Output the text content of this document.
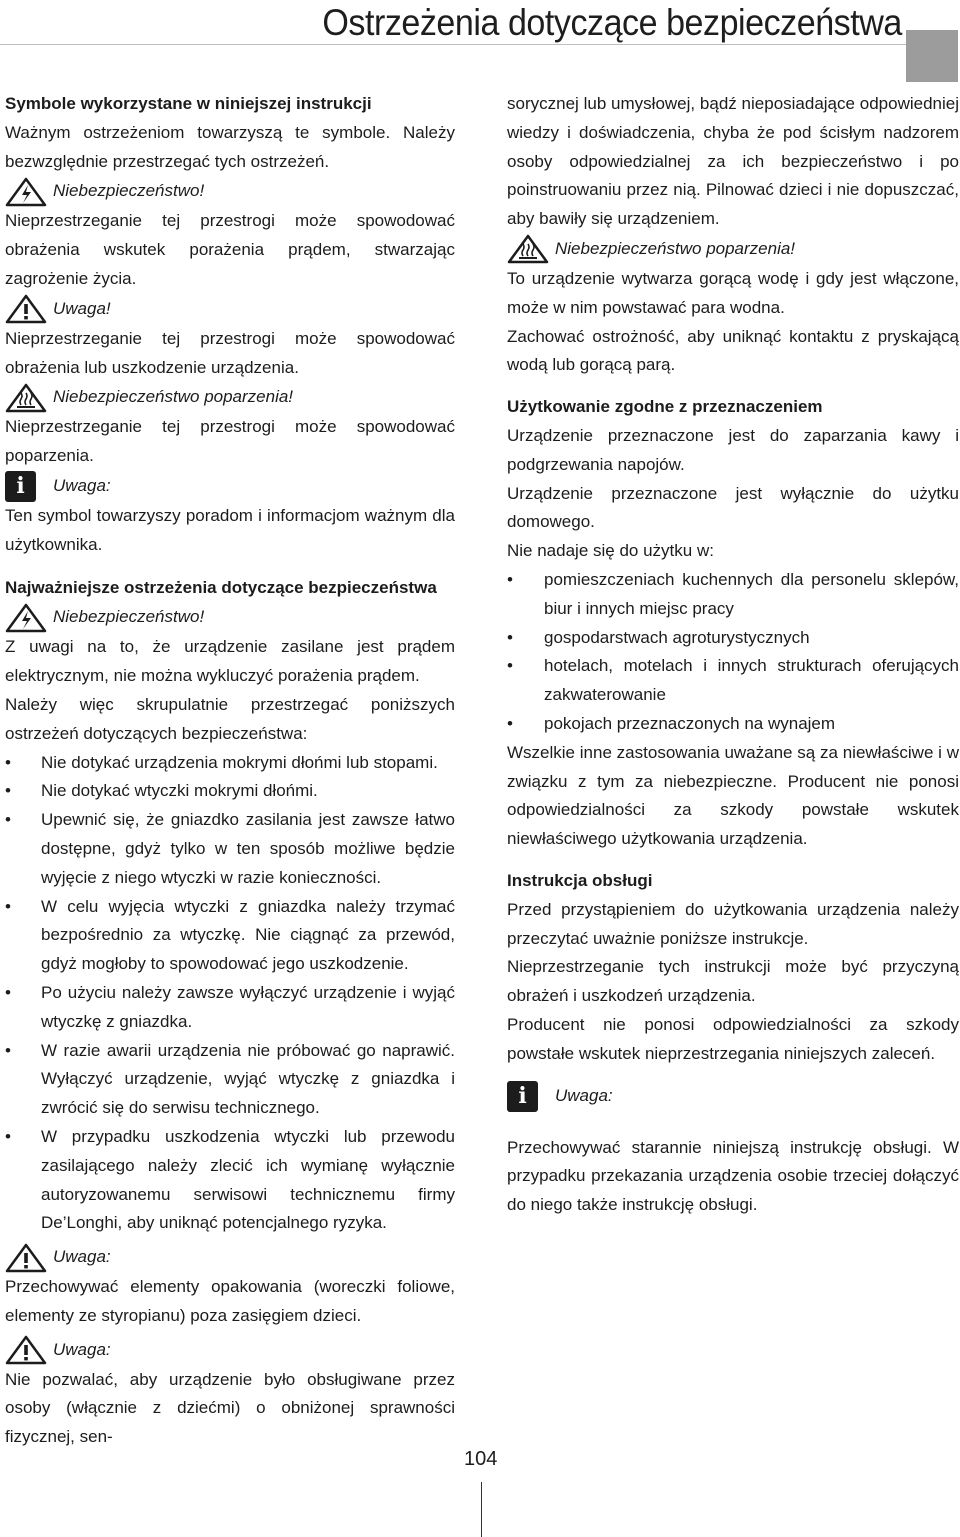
Ostrzeżenia dotyczące bezpieczeństwa

Symbole wykorzystane w niniejszej instrukcji

Ważnym ostrzeżeniom towarzyszą te symbole. Należy bezwzględnie przestrzegać tych ostrzeżeń.

Niebezpieczeństwo!

Nieprzestrzeganie tej przestrogi może spowodować obrażenia wskutek porażenia prądem, stwarzając zagrożenie życia.

Uwaga!

Nieprzestrzeganie tej przestrogi może spowodować obrażenia lub uszkodzenie urządzenia.

Niebezpieczeństwo poparzenia!

Nieprzestrzeganie tej przestrogi może spowodować poparzenia.

i	Uwaga:

Ten symbol towarzyszy poradom i informacjom ważnym dla użytkownika.

Najważniejsze ostrzeżenia dotyczące bezpieczeństwa

Niebezpieczeństwo!

Z uwagi na to, że urządzenie zasilane jest prądem elektrycznym, nie można wykluczyć porażenia prądem.

Należy więc skrupulatnie przestrzegać poniższych ostrzeżeń dotyczących bezpieczeństwa:

• Nie dotykać urządzenia mokrymi dłońmi lub stopami.
• Nie dotykać wtyczki mokrymi dłońmi.
• Upewnić się, że gniazdko zasilania jest zawsze łatwo dostępne, gdyż tylko w ten sposób możliwe będzie wyjęcie z niego wtyczki w razie konieczności.
• W celu wyjęcia wtyczki z gniazdka należy trzymać bezpośrednio za wtyczkę. Nie ciągnąć za przewód, gdyż mogłoby to spowodować jego uszkodzenie.
• Po użyciu należy zawsze wyłączyć urządzenie i wyjąć wtyczkę z gniazdka.
• W razie awarii urządzenia nie próbować go naprawić. Wyłączyć urządzenie, wyjąć wtyczkę z gniazdka i zwrócić się do serwisu technicznego.
• W przypadku uszkodzenia wtyczki lub przewodu zasilającego należy zlecić ich wymianę wyłącznie autoryzowanemu serwisowi technicznemu firmy De’Longhi, aby uniknąć potencjalnego ryzyka.
Uwaga:

Przechowywać elementy opakowania (woreczki foliowe, elementy ze styropianu) poza zasięgiem dzieci.

Uwaga:

Nie pozwalać, aby urządzenie było obsługiwane przez osoby (włącznie z dziećmi) o obniżonej sprawności fizycznej, sen-

sorycznej lub umysłowej, bądź nieposiadające odpowiedniej wiedzy i doświadczenia, chyba że pod ścisłym nadzorem osoby odpowiedzialnej za ich bezpieczeństwo i po poinstruowaniu przez nią. Pilnować dzieci i nie dopuszczać, aby bawiły się urządzeniem.

Niebezpieczeństwo poparzenia!

To urządzenie wytwarza gorącą wodę i gdy jest włączone, może w nim powstawać para wodna.

Zachować ostrożność, aby uniknąć kontaktu z pryskającą wodą lub gorącą parą.

Użytkowanie zgodne z przeznaczeniem

Urządzenie przeznaczone jest do zaparzania kawy i podgrzewania napojów.

Urządzenie przeznaczone jest wyłącznie do użytku domowego.

Nie nadaje się do użytku w:

• pomieszczeniach kuchennych dla personelu sklepów, biur i innych miejsc pracy
• gospodarstwach agroturystycznych
• hotelach, motelach i innych strukturach oferujących zakwaterowanie
• pokojach przeznaczonych na wynajem

Wszelkie inne zastosowania uważane są za niewłaściwe i w związku z tym za niebezpieczne. Producent nie ponosi odpowiedzialności za szkody powstałe wskutek niewłaściwego użytkowania urządzenia.

Instrukcja obsługi

Przed przystąpieniem do użytkowania urządzenia należy przeczytać uważnie poniższe instrukcje.

Nieprzestrzeganie tych instrukcji może być przyczyną obrażeń i uszkodzeń urządzenia.

Producent nie ponosi odpowiedzialności za szkody powstałe wskutek nieprzestrzegania niniejszych zaleceń.

i	Uwaga:

Przechowywać starannie niniejszą instrukcję obsługi. W przypadku przekazania urządzenia osobie trzeciej dołączyć do niego także instrukcję obsługi.

104
